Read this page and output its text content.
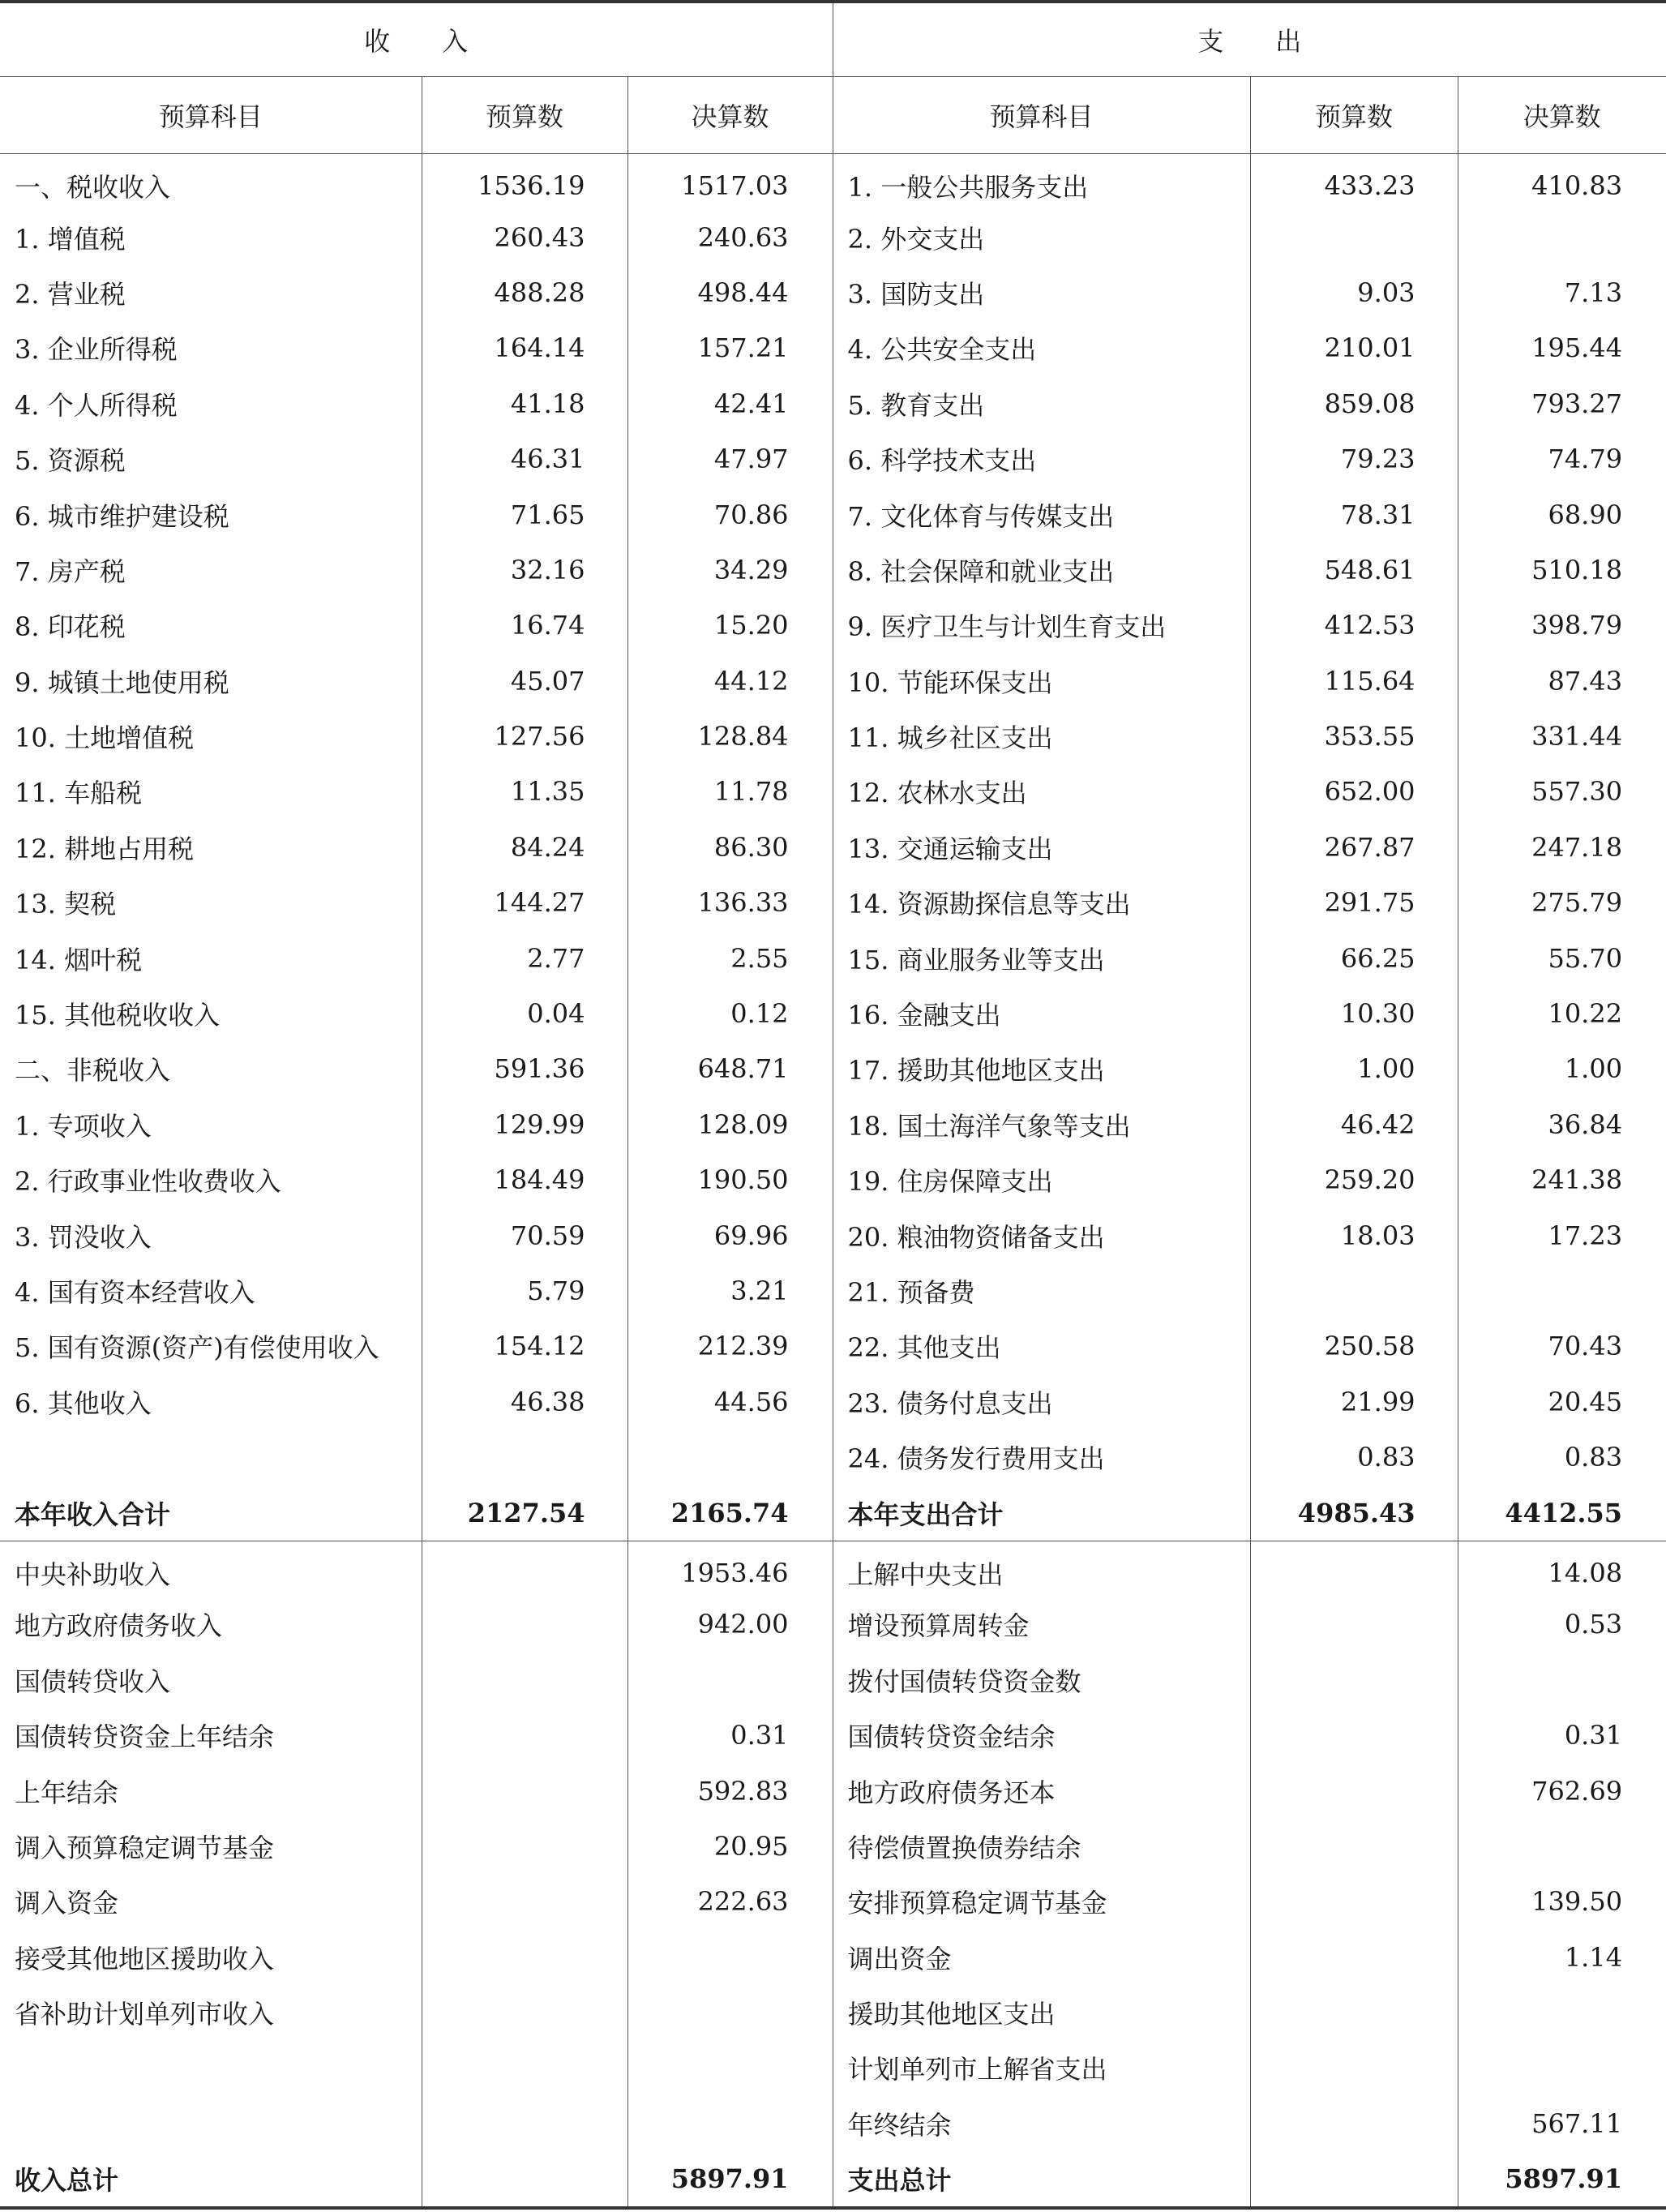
收　　入			支　　出		
预算科目	预算数	决算数	预算科目	预算数	决算数
一、税收收入	1536.19	1517.03	1. 一般公共服务支出	433.23	410.83
1. 增值税	260.43	240.63	2. 外交支出		
2. 营业税	488.28	498.44	3. 国防支出	9.03	7.13
3. 企业所得税	164.14	157.21	4. 公共安全支出	210.01	195.44
4. 个人所得税	41.18	42.41	5. 教育支出	859.08	793.27
5. 资源税	46.31	47.97	6. 科学技术支出	79.23	74.79
6. 城市维护建设税	71.65	70.86	7. 文化体育与传媒支出	78.31	68.90
7. 房产税	32.16	34.29	8. 社会保障和就业支出	548.61	510.18
8. 印花税	16.74	15.20	9. 医疗卫生与计划生育支出	412.53	398.79
9. 城镇土地使用税	45.07	44.12	10. 节能环保支出	115.64	87.43
10. 土地增值税	127.56	128.84	11. 城乡社区支出	353.55	331.44
11. 车船税	11.35	11.78	12. 农林水支出	652.00	557.30
12. 耕地占用税	84.24	86.30	13. 交通运输支出	267.87	247.18
13. 契税	144.27	136.33	14. 资源勘探信息等支出	291.75	275.79
14. 烟叶税	2.77	2.55	15. 商业服务业等支出	66.25	55.70
15. 其他税收收入	0.04	0.12	16. 金融支出	10.30	10.22
二、非税收入	591.36	648.71	17. 援助其他地区支出	1.00	1.00
1. 专项收入	129.99	128.09	18. 国土海洋气象等支出	46.42	36.84
2. 行政事业性收费收入	184.49	190.50	19. 住房保障支出	259.20	241.38
3. 罚没收入	70.59	69.96	20. 粮油物资储备支出	18.03	17.23
4. 国有资本经营收入	5.79	3.21	21. 预备费		
5. 国有资源(资产)有偿使用收入	154.12	212.39	22. 其他支出	250.58	70.43
6. 其他收入	46.38	44.56	23. 债务付息支出	21.99	20.45
			24. 债务发行费用支出	0.83	0.83
本年收入合计	2127.54	2165.74	本年支出合计	4985.43	4412.55
中央补助收入		1953.46	上解中央支出		14.08
地方政府债务收入		942.00	增设预算周转金		0.53
国债转贷收入			拨付国债转贷资金数		
国债转贷资金上年结余		0.31	国债转贷资金结余		0.31
上年结余		592.83	地方政府债务还本		762.69
调入预算稳定调节基金		20.95	待偿债置换债券结余		
调入资金		222.63	安排预算稳定调节基金		139.50
接受其他地区援助收入			调出资金		1.14
省补助计划单列市收入			援助其他地区支出		
			计划单列市上解省支出		
			年终结余		567.11
收入总计		5897.91	支出总计		5897.91
